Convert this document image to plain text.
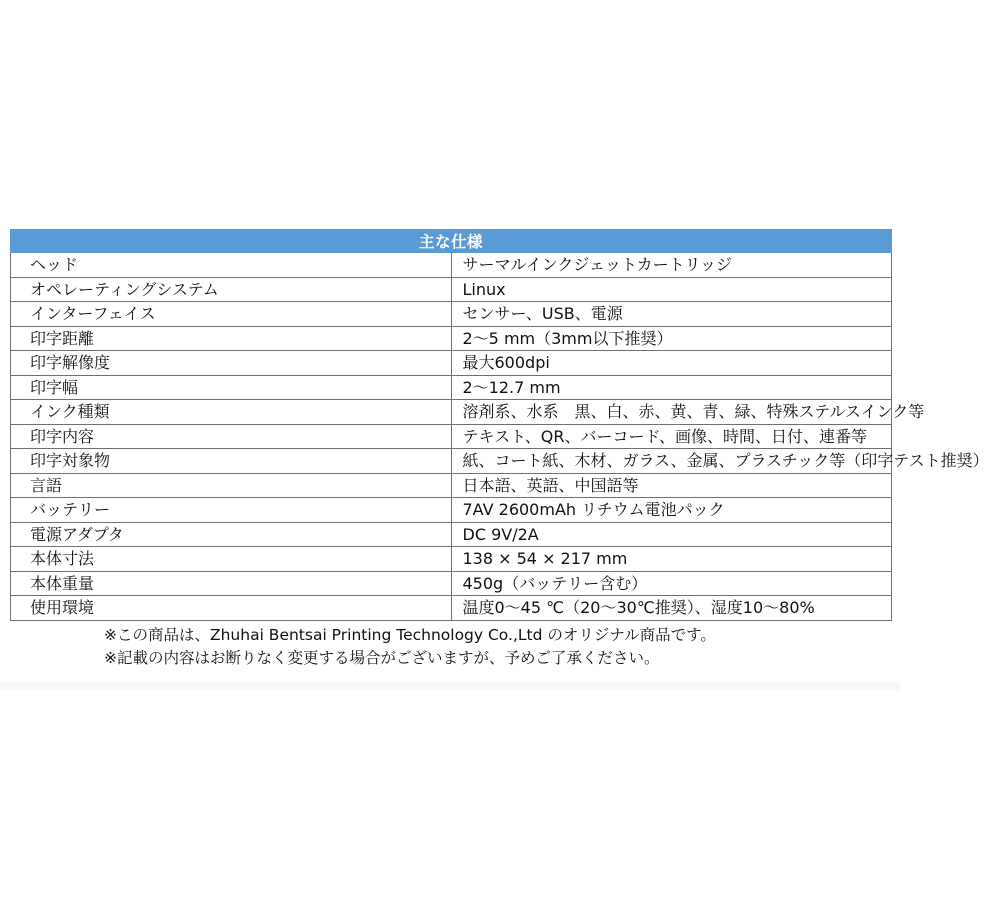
主な仕様	
ヘッド	サーマルインクジェットカートリッジ
オペレーティングシステム	Linux
インターフェイス	センサー、USB、電源
印字距離	2～5 mm（3mm以下推奨）
印字解像度	最大600dpi
印字幅	2～12.7 mm
インク種類	溶剤系、水系　黒、白、赤、黄、青、緑、特殊ステルスインク等
印字内容	テキスト、QR、バーコード、画像、時間、日付、連番等
印字対象物	紙、コート紙、木材、ガラス、金属、プラスチック等（印字テスト推奨）
言語	日本語、英語、中国語等
バッテリー	7AV 2600mAh リチウム電池パック
電源アダプタ	DC 9V/2A
本体寸法	138 × 54 × 217 mm
本体重量	450g（バッテリー含む）
使用環境	温度0～45 ℃（20～30℃推奨）、湿度10～80%
※この商品は、Zhuhai Bentsai Printing Technology Co.,Ltd のオリジナル商品です。
※記載の内容はお断りなく変更する場合がございますが、予めご了承ください。
